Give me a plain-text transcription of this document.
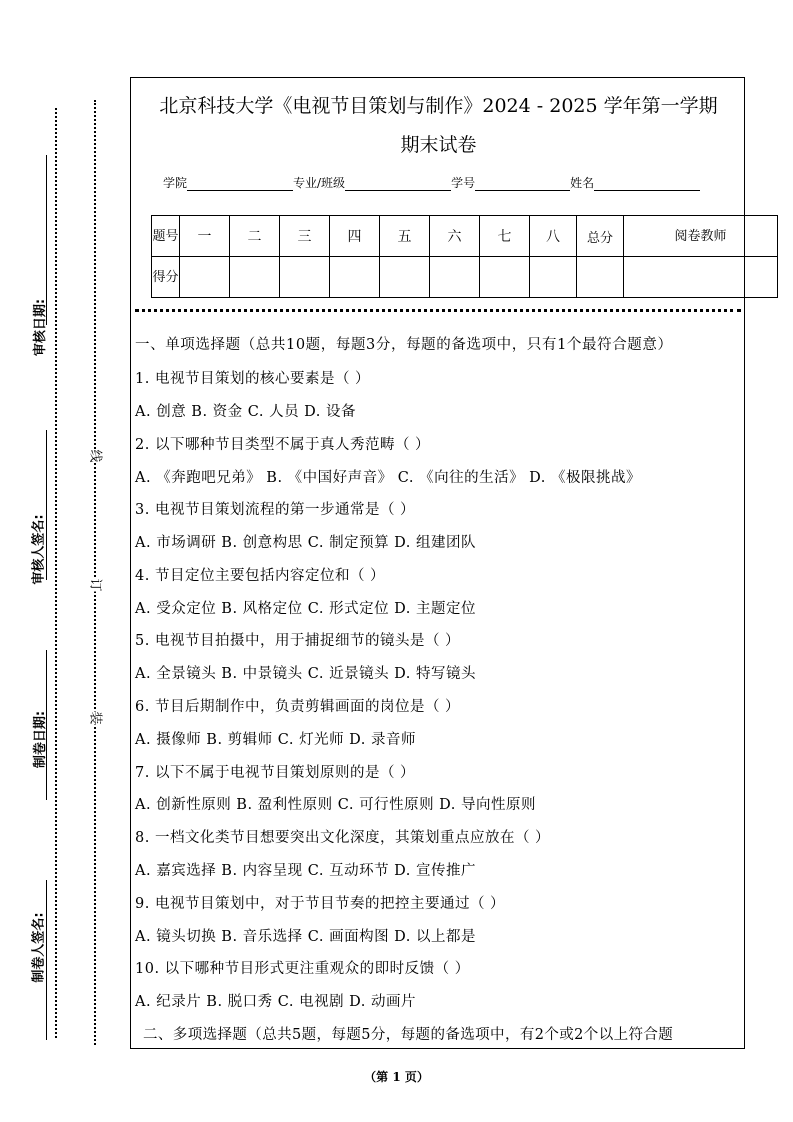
审核日期:
审核人签名:
制卷日期:
制卷人签名:
线
订
装
北京科技大学《电视节目策划与制作》2024 - 2025 学年第一学期
期末试卷
学院	专业/班级	学号	姓名
题号	一	二	三	四	五	六	七	八	总分	阅卷教师
得分										
一、单项选择题（总共10题，每题3分，每题的备选项中，只有1个最符合题意）
1. 电视节目策划的核心要素是（ ）
A. 创意 B. 资金 C. 人员 D. 设备
2. 以下哪种节目类型不属于真人秀范畴（ ）
A. 《奔跑吧兄弟》 B. 《中国好声音》 C. 《向往的生活》 D. 《极限挑战》
3. 电视节目策划流程的第一步通常是（ ）
A. 市场调研 B. 创意构思 C. 制定预算 D. 组建团队
4. 节目定位主要包括内容定位和（ ）
A. 受众定位 B. 风格定位 C. 形式定位 D. 主题定位
5. 电视节目拍摄中，用于捕捉细节的镜头是（ ）
A. 全景镜头 B. 中景镜头 C. 近景镜头 D. 特写镜头
6. 节目后期制作中，负责剪辑画面的岗位是（ ）
A. 摄像师 B. 剪辑师 C. 灯光师 D. 录音师
7. 以下不属于电视节目策划原则的是（ ）
A. 创新性原则 B. 盈利性原则 C. 可行性原则 D. 导向性原则
8. 一档文化类节目想要突出文化深度，其策划重点应放在（ ）
A. 嘉宾选择 B. 内容呈现 C. 互动环节 D. 宣传推广
9. 电视节目策划中，对于节目节奏的把控主要通过（ ）
A. 镜头切换 B. 音乐选择 C. 画面构图 D. 以上都是
10. 以下哪种节目形式更注重观众的即时反馈（ ）
A. 纪录片 B. 脱口秀 C. 电视剧 D. 动画片
二、多项选择题（总共5题，每题5分，每题的备选项中，有2个或2个以上符合题
（第 1 页）
